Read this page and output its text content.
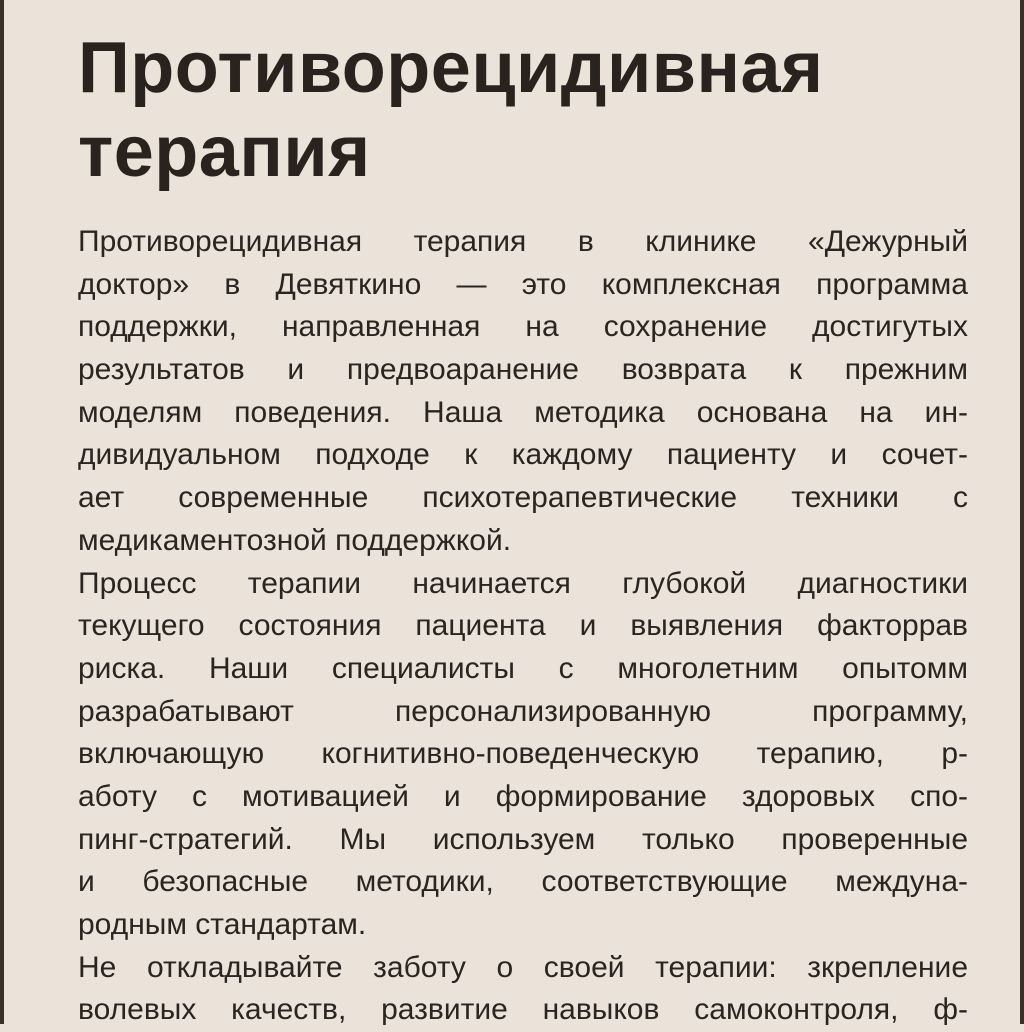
Противорецидивная
терапия
Противорецидивная терапия в клинике «Дежурный
доктор» в Девяткино — это комплексная программа
поддержки, направленная на сохранение достигутых
результатов и предвоаранение возврата к прежним
моделям поведения. Наша методика основана на ин-
дивидуальном подходе к каждому пациенту и сочет-
ает современные психотерапевтические техники с
медикаментозной поддержкой.
Процесс терапии начинается глубокой диагностики
текущего состояния пациента и выявления факторрав
риска. Наши специалисты с многолетним опытомм
разрабатывают персонализированную программу,
включающую когнитивно-поведенческую терапию, р-
аботу с мотивацией и формирование здоровых спо-
пинг-стратегий. Мы используем только проверенные
и безопасные методики, соответствующие междуна-
родным стандартам.
Не откладывайте заботу о своей терапии: зкрепление
волевых качеств, развитие навыков самоконтроля, ф-
